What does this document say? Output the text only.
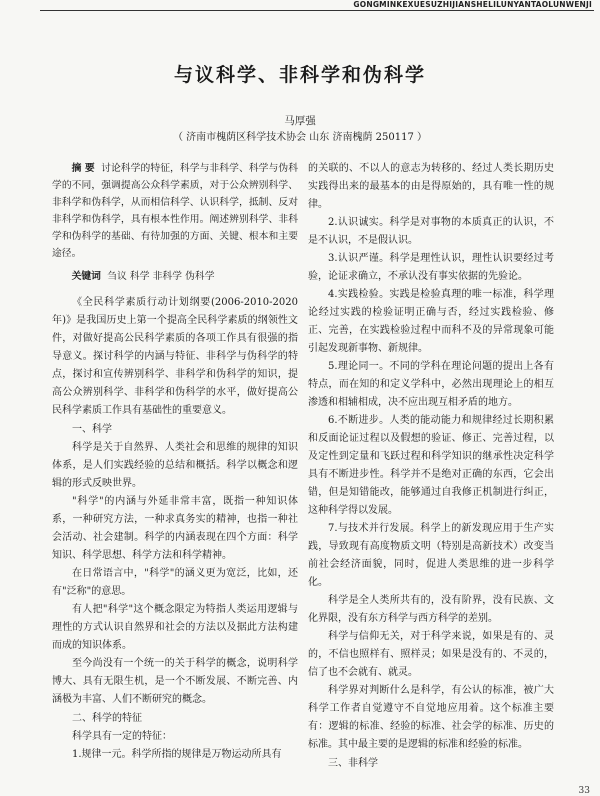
GONGMINKEXUESUZHIJIANSHELILUNYANTAOLUNWENJI
与议科学、非科学和伪科学
马厚强
（ 济南市槐荫区科学技术协会 山东 济南槐荫 250117 ）

摘 要 讨论科学的特征，科学与非科学、科学与伪科学的不同，强调提高公众科学素质，对于公众辨别科学、非科学和伪科学，从而相信科学、认识科学，抵制、反对非科学和伪科学，具有根本性作用。阐述辨别科学、非科学和伪科学的基础、有待加强的方面、关键、根本和主要途径。

关键词 刍议 科学 非科学 伪科学

《全民科学素质行动计划纲要(2006-2010-2020年)》是我国历史上第一个提高全民科学素质的纲领性文件，对做好提高公民科学素质的各项工作具有很强的指导意义。探讨科学的内涵与特征、非科学与伪科学的特点，探讨和宣传辨别科学、非科学和伪科学的知识，提高公众辨别科学、非科学和伪科学的水平，做好提高公民科学素质工作具有基础性的重要意义。

一、科学

科学是关于自然界、人类社会和思维的规律的知识体系，是人们实践经验的总结和概括。科学以概念和逻辑的形式反映世界。

"科学"的内涵与外延非常丰富，既指一种知识体系，一种研究方法，一种求真务实的精神，也指一种社会活动、社会建制。科学的内涵表现在四个方面：科学知识、科学思想、科学方法和科学精神。

在日常语言中，"科学"的涵义更为宽泛，比如，还有"泛称"的意思。

有人把"科学"这个概念限定为特指人类运用逻辑与理性的方式认识自然界和社会的方法以及据此方法构建而成的知识体系。

至今尚没有一个统一的关于科学的概念，说明科学博大、具有无限生机，是一个不断发展、不断完善、内涵极为丰富、人们不断研究的概念。

二、科学的特征

科学具有一定的特征：

1.规律一元。科学所指的规律是万物运动所具有

的关联的、不以人的意志为转移的、经过人类长期历史实践得出来的最基本的由是得原始的，具有唯一性的规律。

2.认识诚实。科学是对事物的本质真正的认识，不是不认识，不是假认识。

3.认识严谨。科学是理性认识，理性认识要经过考验，论证求确立，不承认没有事实依据的先验论。

4.实践检验。实践是检验真理的唯一标准，科学理论经过实践的检验证明正确与否，经过实践检验、修正、完善，在实践检验过程中而科不及的异常现象可能引起发现新事物、新规律。

5.理论同一。不同的学科在理论问题的提出上各有特点，而在知的和定义学科中，必然出现理论上的相互渗透和相辅相成，决不应出现互相矛盾的地方。

6.不断进步。人类的能动能力和规律经过长期积累和反面论证过程以及假想的验证、修正、完善过程，以及定性到定量和飞跃过程和科学知识的继承性决定科学具有不断进步性。科学并不是绝对正确的东西，它会出错，但是知错能改，能够通过自我修正机制进行纠正，这种科学得以发展。

7.与技术并行发展。科学上的新发现应用于生产实践，导致现有高度物质文明（特别是高新技术）改变当前社会经济面貌，同时，促进人类思维的进一步科学化。

科学是全人类所共有的，没有阶界，没有民族、文化界限，没有东方科学与西方科学的差别。

科学与信仰无关，对于科学来说，如果是有的、灵的，不信也照样有、照样灵；如果是没有的、不灵的，信了也不会就有、就灵。

科学界对判断什么是科学，有公认的标准，被广大科学工作者自觉遵守不自觉地应用着。这个标准主要有：逻辑的标准、经验的标准、社会学的标准、历史的标准。其中最主要的是逻辑的标准和经验的标准。

三、非科学

33
